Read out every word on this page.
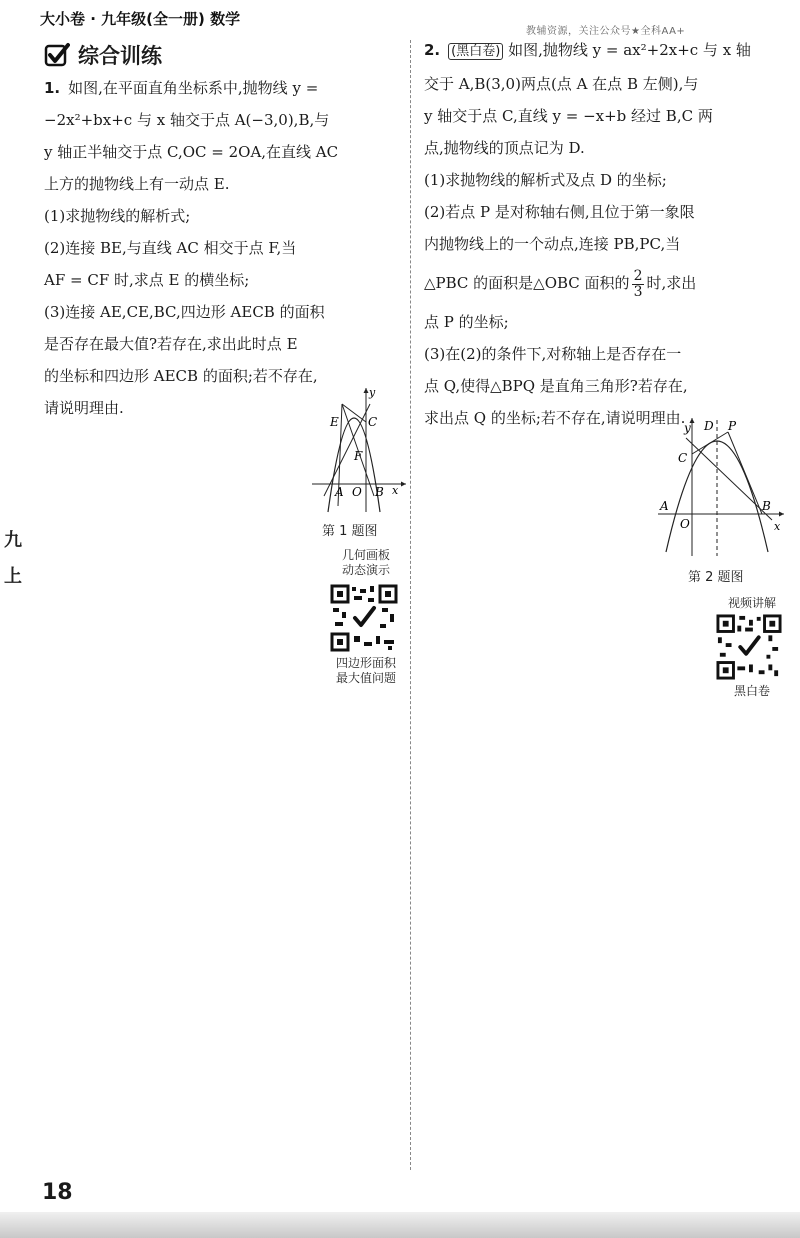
大小卷 · 九年级(全一册) 数学
教辅资源，关注公众号★全科AA+
综合训练

1. 如图,在平面直角坐标系中,抛物线 y =

−2x²+bx+c 与 x 轴交于点 A(−3,0),B,与

y 轴正半轴交于点 C,OC = 2OA,在直线 AC

上方的抛物线上有一动点 E.

(1)求抛物线的解析式;

(2)连接 BE,与直线 AC 相交于点 F,当

AF = CF 时,求点 E 的横坐标;

(3)连接 AE,CE,BC,四边形 AECB 的面积

是否存在最大值?若存在,求出此时点 E

的坐标和四边形 AECB 的面积;若不存在,

请说明理由.

E C
F
A O B x
y
第 1 题图
几何画板
动态演示
四边形面积
最大值问题

2. (黑白卷) 如图,抛物线 y = ax²+2x+c 与 x 轴

交于 A,B(3,0)两点(点 A 在点 B 左侧),与

y 轴交于点 C,直线 y = −x+b 经过 B,C 两

点,抛物线的顶点记为 D.

(1)求抛物线的解析式及点 D 的坐标;

(2)若点 P 是对称轴右侧,且位于第一象限

内抛物线上的一个动点,连接 PB,PC,当

△PBC 的面积是△OBC 面积的 $\frac{2}{3}$ 时,求出

点 P 的坐标;

(3)在(2)的条件下,对称轴上是否存在一

点 Q,使得△BPQ 是直角三角形?若存在,

求出点 Q 的坐标;若不存在,请说明理由.

y D P
C
A
O
B
x
第 2 题图
视频讲解
黑白卷
九
上
18
